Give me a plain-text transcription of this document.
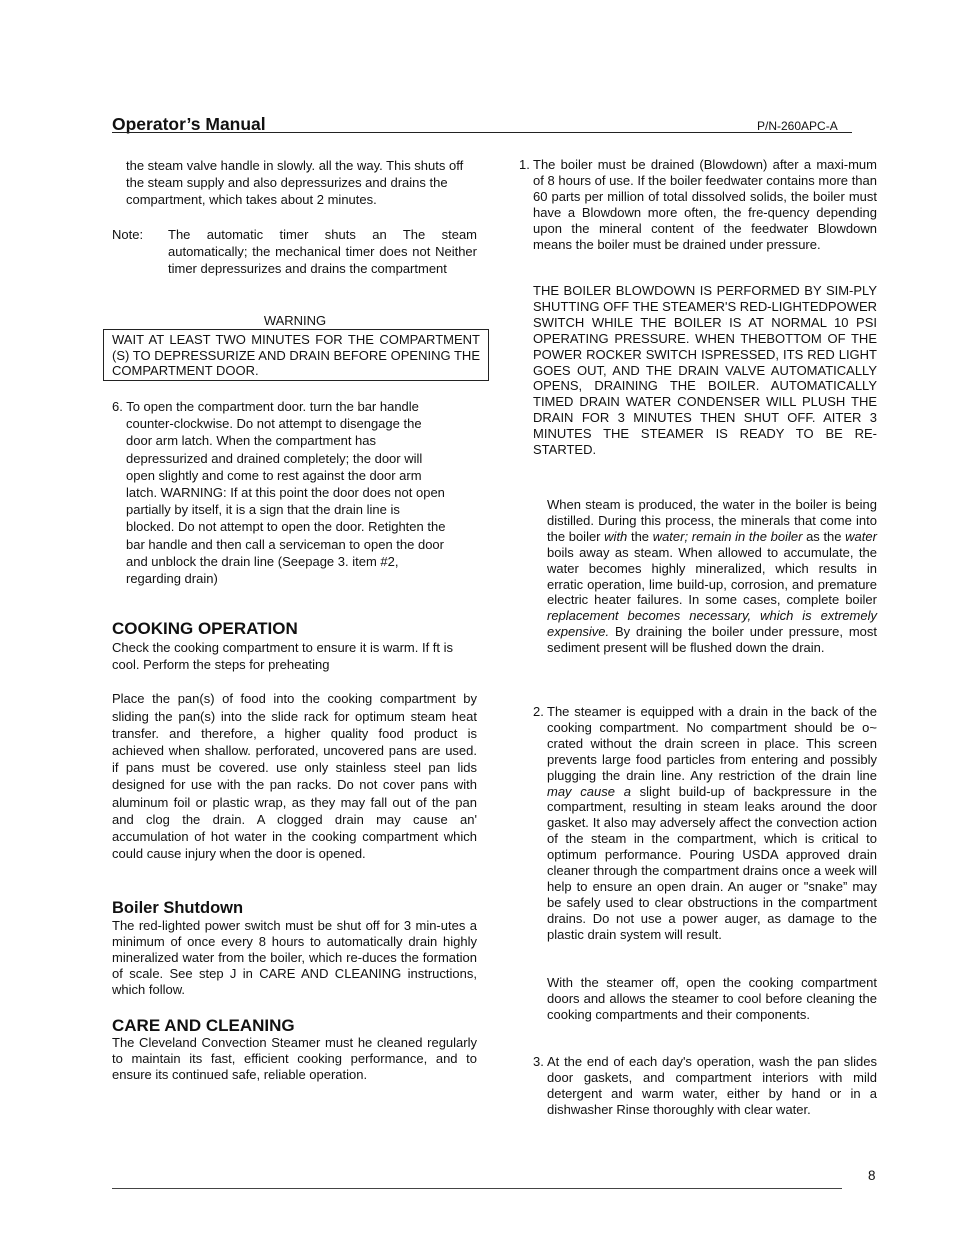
Operator’s Manual	P/N-260APC-A

the steam valve handle in slowly. all the way. This shuts off the steam supply and also depressurizes and drains the compartment, which takes about 2 minutes.

Note: The automatic timer shuts an The steam automatically; the mechanical timer does not Neither timer depressurizes and drains the compartment
WARNING
WAIT AT LEAST TWO MINUTES FOR THE COMPARTMENT (S) TO DEPRESSURIZE AND DRAIN BEFORE OPENING THE COMPARTMENT DOOR.
6. To open the compartment door. turn the bar handle
counter-clockwise. Do not attempt to disengage the
door arm latch. When the compartment has
depressurized and drained completely; the door will
open slightly and come to rest against the door arm
latch. WARNING: If at this point the door does not open
partially by itself, it is a sign that the drain line is
blocked. Do not attempt to open the door. Retighten the
bar handle and then call a serviceman to open the door
and unblock the drain line (Seepage 3. item #2,
regarding drain)
COOKING OPERATION

Check the cooking compartment to ensure it is warm. If ft is cool. Perform the steps for preheating

Place the pan(s) of food into the cooking compartment by sliding the pan(s) into the slide rack for optimum steam heat transfer. and therefore, a higher quality food product is achieved when shallow. perforated, uncovered pans are used. if pans must be covered. use only stainless steel pan lids designed for use with the pan racks. Do not cover pans with aluminum foil or plastic wrap, as they may fall out of the pan and clog the drain. A clogged drain may cause an' accumulation of hot water in the cooking compartment which could cause injury when the door is opened.

Boiler Shutdown

The red-lighted power switch must be shut off for 3 min-utes a minimum of once every 8 hours to automatically drain highly mineralized water from the boiler, which re-duces the formation of scale. See step J in CARE AND CLEANING instructions, which follow.

CARE AND CLEANING

The Cleveland Convection Steamer must he cleaned regularly to maintain its fast, efficient cooking performance, and to ensure its continued safe, reliable operation.

1. The boiler must be drained (Blowdown) after a maxi-mum of 8 hours of use. If the boiler feedwater contains more than 60 parts per million of total dissolved solids, the boiler must have a Blowdown more often, the fre-quency depending upon the mineral content of the feedwater Blowdown means the boiler must be drained under pressure.
THE BOILER BLOWDOWN IS PERFORMED BY SIM-PLY SHUTTING OFF THE STEAMER'S RED-LIGHTEDPOWER SWITCH WHILE THE BOILER IS AT NORMAL 10 PSI OPERATING PRESSURE. WHEN THEBOTTOM OF THE POWER ROCKER SWITCH ISPRESSED, ITS RED LIGHT GOES OUT, AND THE DRAIN VALVE AUTOMATICALLY OPENS, DRAINING THE BOILER. AUTOMATICALLY TIMED DRAIN WATER CONDENSER WILL PLUSH THE DRAIN FOR 3 MINUTES THEN SHUT OFF. AITER 3 MINUTES THE STEAMER IS READY TO BE RE-STARTED.
When steam is produced, the water in the boiler is being distilled. During this process, the minerals that come into the boiler with the water; remain in the boiler as the water boils away as steam. When allowed to accumulate, the water becomes highly mineralized, which results in erratic operation, lime build-up, corrosion, and premature electric heater failures. In some cases, complete boiler replacement becomes necessary, which is extremely expensive. By draining the boiler under pressure, most sediment present will be flushed down the drain.
2. The steamer is equipped with a drain in the back of the cooking compartment. No compartment should be o~ crated without the drain screen in place. This screen prevents large food particles from entering and possibly plugging the drain line. Any restriction of the drain line may cause a slight build-up of backpressure in the compartment, resulting in steam leaks around the door gasket. It also may adversely affect the convection action of the steam in the compartment, which is critical to optimum performance. Pouring USDA approved drain cleaner through the compartment drains once a week will help to ensure an open drain. An auger or "snake” may be safely used to clear obstructions in the compartment drains. Do not use a power auger, as damage to the plastic drain system will result.
With the steamer off, open the cooking compartment doors and allows the steamer to cool before cleaning the cooking compartments and their components.
3. At the end of each day's operation, wash the pan slides door gaskets, and compartment interiors with mild detergent and warm water, either by hand or in a dishwasher Rinse thoroughly with clear water.
8
